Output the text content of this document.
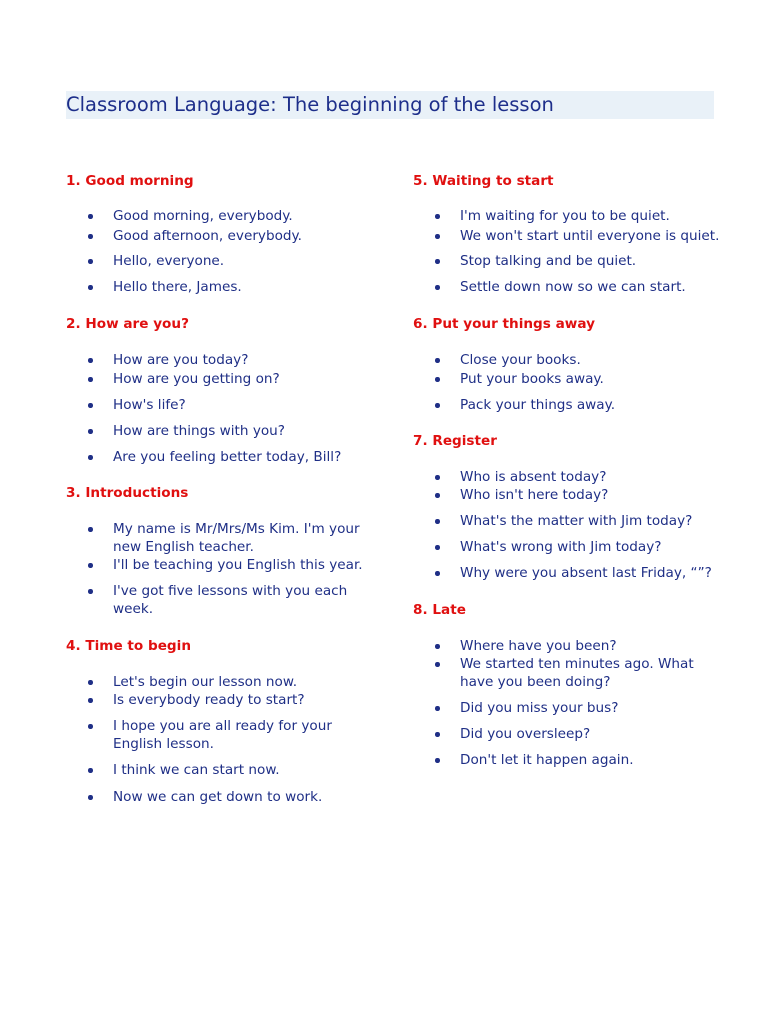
Classroom Language: The beginning of the lesson
1. Good morning
Good morning, everybody.
Good afternoon, everybody.
Hello, everyone.
Hello there, James.
2. How are you?
How are you today?
How are you getting on?
How's life?
How are things with you?
Are you feeling better today, Bill?
3. Introductions
My name is Mr/Mrs/Ms Kim. I'm your new English teacher.
I'll be teaching you English this year.
I've got five lessons with you each week.
4. Time to begin
Let's begin our lesson now.
Is everybody ready to start?
I hope you are all ready for your English lesson.
I think we can start now.
Now we can get down to work.
5. Waiting to start
I'm waiting for you to be quiet.
We won't start until everyone is quiet.
Stop talking and be quiet.
Settle down now so we can start.
6. Put your things away
Close your books.
Put your books away.
Pack your things away.
7. Register
Who is absent today?
Who isn't here today?
What's the matter with Jim today?
What's wrong with Jim today?
Why were you absent last Friday, “”?
8. Late
Where have you been?
We started ten minutes ago. What have you been doing?
Did you miss your bus?
Did you oversleep?
Don't let it happen again.
